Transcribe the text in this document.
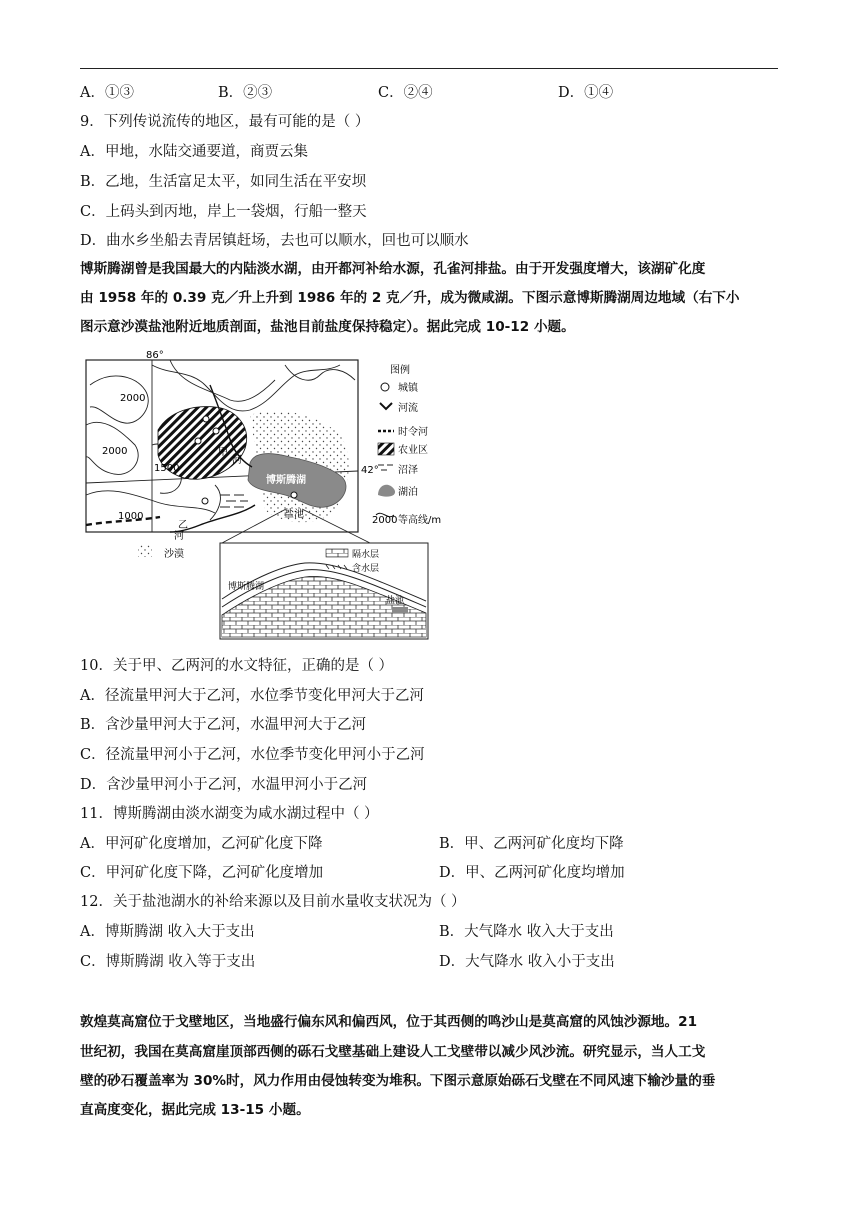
A．①③	B．②③	C．②④	D．①④
9．下列传说流传的地区，最有可能的是（ ）
A．甲地，水陆交通要道，商贾云集
B．乙地，生活富足太平，如同生活在平安坝
C．上码头到丙地，岸上一袋烟，行船一整天
D．曲水乡坐船去青居镇赶场，去也可以顺水，回也可以顺水
博斯腾湖曾是我国最大的内陆淡水湖，由开都河补给水源，孔雀河排盐。由于开发强度增大，该湖矿化度
由 1958 年的 0.39 克／升上升到 1986 年的 2 克／升，成为微咸湖。下图示意博斯腾湖周边地域（右下小
图示意沙漠盐池附近地质剖面，盐池目前盐度保持稳定）。据此完成 10-12 小题。
86°
42°
博斯腾湖
2000
2000
1500
1000
甲
河
乙
河
盐池
图例
城镇
河流
时令河
农业区
沼泽
湖泊
2000 等高线/m
沙漠
博斯腾湖
盐池
隔水层
含水层
10．关于甲、乙两河的水文特征，正确的是（ ）
A．径流量甲河大于乙河，水位季节变化甲河大于乙河
B．含沙量甲河大于乙河，水温甲河大于乙河
C．径流量甲河小于乙河，水位季节变化甲河小于乙河
D．含沙量甲河小于乙河，水温甲河小于乙河
11．博斯腾湖由淡水湖变为咸水湖过程中（ ）
A．甲河矿化度增加，乙河矿化度下降	B．甲、乙两河矿化度均下降
C．甲河矿化度下降，乙河矿化度增加	D．甲、乙两河矿化度均增加
12．关于盐池湖水的补给来源以及目前水量收支状况为（ ）
A．博斯腾湖 收入大于支出	B．大气降水 收入大于支出
C．博斯腾湖 收入等于支出	D．大气降水 收入小于支出
敦煌莫高窟位于戈壁地区，当地盛行偏东风和偏西风，位于其西侧的鸣沙山是莫高窟的风蚀沙源地。21
世纪初，我国在莫高窟崖顶部西侧的砾石戈壁基础上建设人工戈壁带以减少风沙流。研究显示，当人工戈
壁的砂石覆盖率为 30%时，风力作用由侵蚀转变为堆积。下图示意原始砾石戈壁在不同风速下输沙量的垂
直高度变化，据此完成 13-15 小题。
